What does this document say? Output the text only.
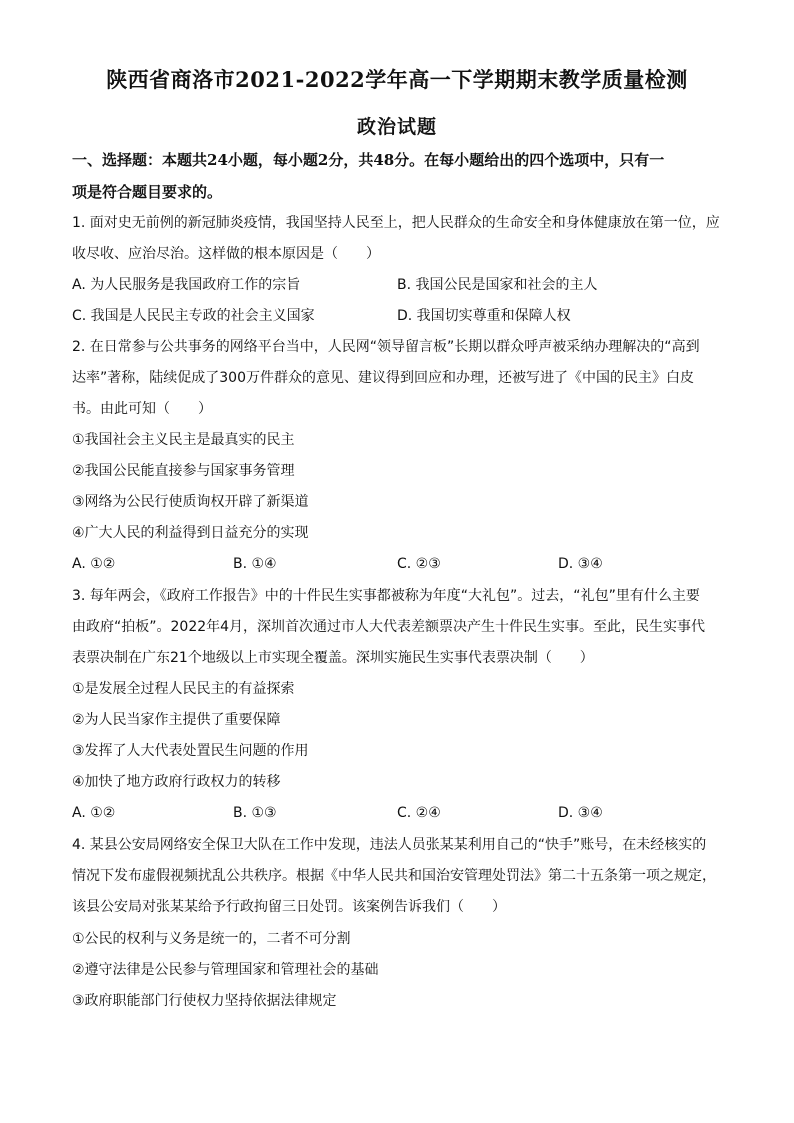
陕西省商洛市2021-2022学年高一下学期期末教学质量检测
政治试题
一、选择题：本题共24小题，每小题2分，共48分。在每小题给出的四个选项中，只有一
项是符合题目要求的。
1. 面对史无前例的新冠肺炎疫情，我国坚持人民至上，把人民群众的生命安全和身体健康放在第一位，应
收尽收、应治尽治。这样做的根本原因是（　　）
A. 为人民服务是我国政府工作的宗旨	B. 我国公民是国家和社会的主人
C. 我国是人民民主专政的社会主义国家	D. 我国切实尊重和保障人权
2. 在日常参与公共事务的网络平台当中，人民网“领导留言板”长期以群众呼声被采纳办理解决的“高到
达率”著称，陆续促成了300万件群众的意见、建议得到回应和办理，还被写进了《中国的民主》白皮
书。由此可知（　　）
①我国社会主义民主是最真实的民主
②我国公民能直接参与国家事务管理
③网络为公民行使质询权开辟了新渠道
④广大人民的利益得到日益充分的实现
A. ①②	B. ①④	C. ②③	D. ③④
3. 每年两会，《政府工作报告》中的十件民生实事都被称为年度“大礼包”。过去，“礼包”里有什么主要
由政府“拍板”。2022年4月，深圳首次通过市人大代表差额票决产生十件民生实事。至此，民生实事代
表票决制在广东21个地级以上市实现全覆盖。深圳实施民生实事代表票决制（　　）
①是发展全过程人民民主的有益探索
②为人民当家作主提供了重要保障
③发挥了人大代表处置民生问题的作用
④加快了地方政府行政权力的转移
A. ①②	B. ①③	C. ②④	D. ③④
4. 某县公安局网络安全保卫大队在工作中发现，违法人员张某某利用自己的“快手”账号，在未经核实的
情况下发布虚假视频扰乱公共秩序。根据《中华人民共和国治安管理处罚法》第二十五条第一项之规定，
该县公安局对张某某给予行政拘留三日处罚。该案例告诉我们（　　）
①公民的权利与义务是统一的，二者不可分割
②遵守法律是公民参与管理国家和管理社会的基础
③政府职能部门行使权力坚持依据法律规定
